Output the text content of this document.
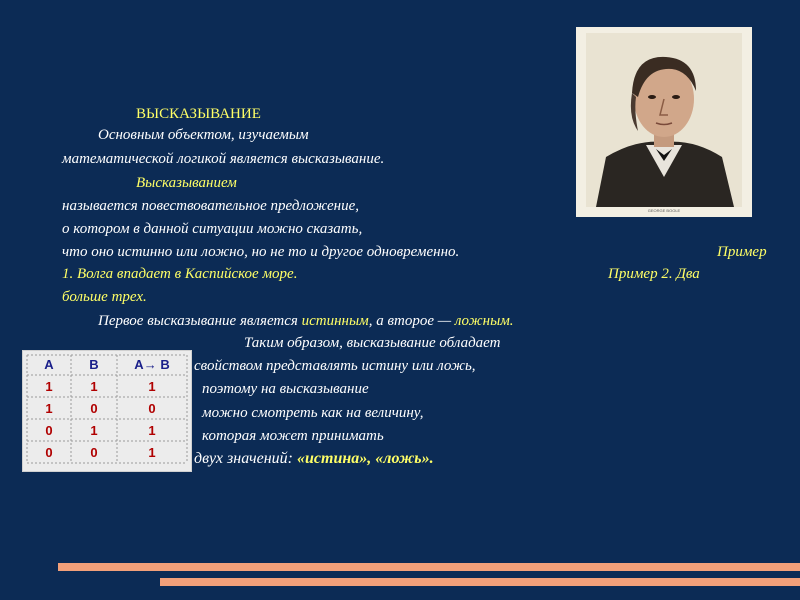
GEORGE BOOLE
ВЫСКАЗЫВАНИЕ
Основным объектом, изучаемым
математической логикой является высказывание.
Высказыванием
называется повествовательное предложение,
о котором в данной ситуации можно сказать,
что оно истинно или ложно, но не то и другое одновременно.	Пример
1. Волга впадает в Каспийское море.	Пример 2. Два
больше трех.
Первое высказывание является истинным, а второе — ложным.
Таким образом, высказывание обладает
свойством представлять истину или ложь,
поэтому на высказывание
можно смотреть как на величину,
которая может принимать
двух значений: «истина», «ложь».
A	B	A→ B
1	1	1
1	0	0
0	1	1
0	0	1
